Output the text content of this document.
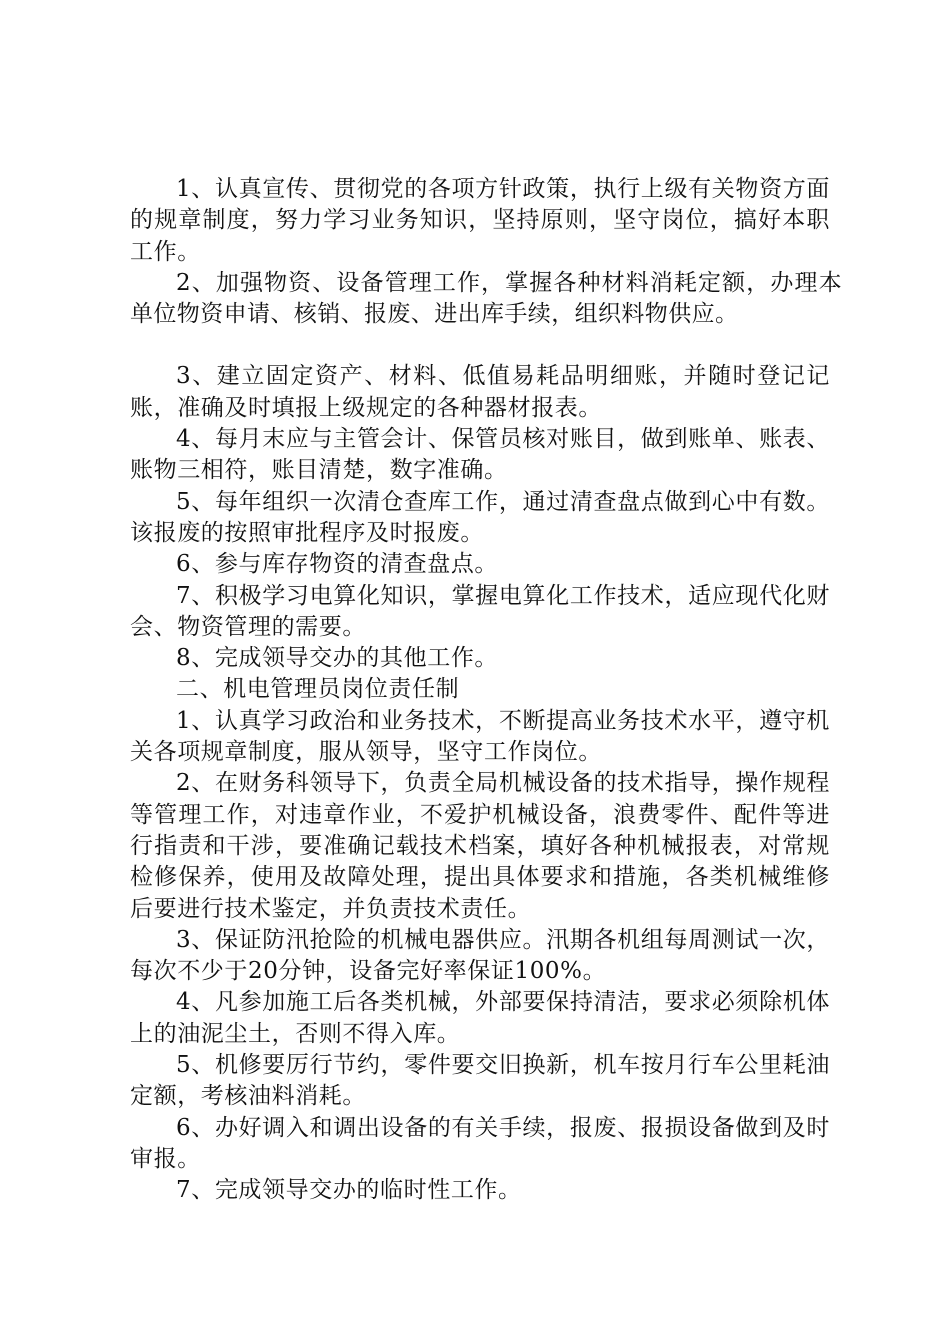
1、认真宣传、贯彻党的各项方针政策，执行上级有关物资方面的规章制度，努力学习业务知识，坚持原则，坚守岗位，搞好本职工作。

2、加强物资、设备管理工作，掌握各种材料消耗定额，办理本单位物资申请、核销、报废、进出库手续，组织料物供应。

3、建立固定资产、材料、低值易耗品明细账，并随时登记记账，准确及时填报上级规定的各种器材报表。

4、每月末应与主管会计、保管员核对账目，做到账单、账表、账物三相符，账目清楚，数字准确。

5、每年组织一次清仓查库工作，通过清查盘点做到心中有数。该报废的按照审批程序及时报废。

6、参与库存物资的清查盘点。

7、积极学习电算化知识，掌握电算化工作技术，适应现代化财会、物资管理的需要。

8、完成领导交办的其他工作。

二、机电管理员岗位责任制

1、认真学习政治和业务技术，不断提高业务技术水平，遵守机关各项规章制度，服从领导，坚守工作岗位。

2、在财务科领导下，负责全局机械设备的技术指导，操作规程等管理工作，对违章作业，不爱护机械设备，浪费零件、配件等进行指责和干涉，要准确记载技术档案，填好各种机械报表，对常规检修保养，使用及故障处理，提出具体要求和措施，各类机械维修后要进行技术鉴定，并负责技术责任。

3、保证防汛抢险的机械电器供应。汛期各机组每周测试一次，每次不少于20分钟，设备完好率保证100%。

4、凡参加施工后各类机械，外部要保持清洁，要求必须除机体上的油泥尘土，否则不得入库。

5、机修要厉行节约，零件要交旧换新，机车按月行车公里耗油定额，考核油料消耗。

6、办好调入和调出设备的有关手续，报废、报损设备做到及时审报。

7、完成领导交办的临时性工作。
